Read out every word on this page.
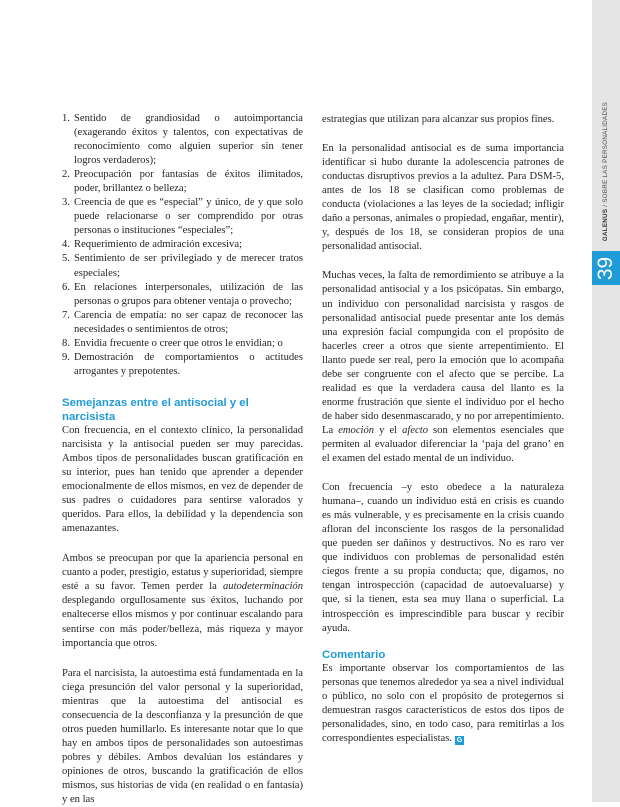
GALENUS / SOBRE LAS PERSONALIDADES
39
1. Sentido de grandiosidad o autoimportancia (exagerando éxitos y talentos, con expectativas de reconocimiento como alguien superior sin tener logros verdaderos);
2. Preocupación por fantasías de éxitos ilimitados, poder, brillantez o belleza;
3. Creencia de que es “especial” y único, de y que solo puede relacionarse o ser comprendido por otras personas o instituciones “especiales”;
4. Requerimiento de admiración excesiva;
5. Sentimiento de ser privilegiado y de merecer tratos especiales;
6. En relaciones interpersonales, utilización de las personas o grupos para obtener ventaja o provecho;
7. Carencia de empatía: no ser capaz de reconocer las necesidades o sentimientos de otros;
8. Envidia frecuente o creer que otros le envidian; o
9. Demostración de comportamientos o actitudes arrogantes y prepotentes.
Semejanzas entre el antisocial y el narcisista

Con frecuencia, en el contexto clínico, la personalidad narcisista y la antisocial pueden ser muy parecidas. Ambos tipos de personalidades buscan gratificación en su interior, pues han tenido que aprender a depender emocionalmente de ellos mismos, en vez de depender de sus padres o cuidadores para sentirse valorados y queridos. Para ellos, la debilidad y la dependencia son amenazantes.

Ambos se preocupan por que la apariencia personal en cuanto a poder, prestigio, estatus y superioridad, siempre esté a su favor. Temen perder la autodeterminación desplegando orgullosamente sus éxitos, luchando por enaltecerse ellos mismos y por continuar escalando para sentirse con más poder/belleza, más riqueza y mayor importancia que otros.

Para el narcisista, la autoestima está fundamentada en la ciega presunción del valor personal y la superioridad, mientras que la autoestima del antisocial es consecuencia de la desconfianza y la presunción de que otros pueden humillarlo. Es interesante notar que lo que hay en ambos tipos de personalidades son autoestimas pobres y débiles. Ambos devalúan los estándares y opiniones de otros, buscando la gratificación de ellos mismos, sus historias de vida (en realidad o en fantasía) y en las

estrategias que utilizan para alcanzar sus propios fines.

En la personalidad antisocial es de suma importancia identificar si hubo durante la adolescencia patrones de conductas disruptivos previos a la adultez. Para DSM-5, antes de los 18 se clasifican como problemas de conducta (violaciones a las leyes de la sociedad; infligir daño a personas, animales o propiedad, engañar, mentir), y, después de los 18, se consideran propios de una personalidad antisocial.

Muchas veces, la falta de remordimiento se atribuye a la personalidad antisocial y a los psicópatas. Sin embargo, un individuo con personalidad narcisista y rasgos de personalidad antisocial puede presentar ante los demás una expresión facial compungida con el propósito de hacerles creer a otros que siente arrepentimiento. El llanto puede ser real, pero la emoción que lo acompaña debe ser congruente con el afecto que se percibe. La realidad es que la verdadera causa del llanto es la enorme frustración que siente el individuo por el hecho de haber sido desenmascarado, y no por arrepentimiento. La emoción y el afecto son elementos esenciales que permiten al evaluador diferenciar la ‘paja del grano’ en el examen del estado mental de un individuo.

Con frecuencia –y esto obedece a la naturaleza humana–, cuando un individuo está en crisis es cuando es más vulnerable, y es precisamente en la crisis cuando afloran del inconsciente los rasgos de la personalidad que pueden ser dañinos y destructivos. No es raro ver que individuos con problemas de personalidad estén ciegos frente a su propia conducta; que, digamos, no tengan introspección (capacidad de autoevaluarse) y que, si la tienen, esta sea muy llana o superficial. La introspección es imprescindible para buscar y recibir ayuda.

Comentario

Es importante observar los comportamientos de las personas que tenemos alrededor ya sea a nivel individual o público, no solo con el propósito de protegernos si demuestran rasgos característicos de estos dos tipos de personalidades, sino, en todo caso, para remitirlas a los correspondientes especialistas. G
